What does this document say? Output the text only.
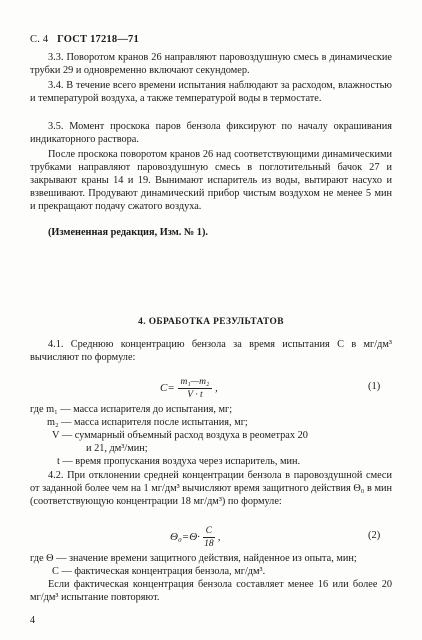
С. 4 ГОСТ 17218—71
3.3. Поворотом кранов 26 направляют паровоздушную смесь в динамические трубки 29 и одновременно включают секундомер.
3.4. В течение всего времени испытания наблюдают за расходом, влажностью и температурой воздуха, а также температурой воды в термостате.
3.5. Момент проскока паров бензола фиксируют по началу окрашивания индикаторного раствора.
После проскока поворотом кранов 26 над соответствующими динамическими трубками направляют паровоздушную смесь в поглотительный бачок 27 и закрывают краны 14 и 19. Вынимают испаритель из воды, вытирают насухо и взвешивают. Продувают динамический прибор чистым воздухом не менее 5 мин и прекращают подачу сжатого воздуха.
(Измененная редакция, Изм. № 1).
4. ОБРАБОТКА РЕЗУЛЬТАТОВ
4.1. Среднюю концентрацию бензола за время испытания C в мг/дм³ вычисляют по формуле:
$C= \frac{\text{m₁—m₂}}{V \cdot t}$ ,	(1)
где m₁ — масса испарителя до испытания, мг;
m₂ — масса испарителя после испытания, мг;
V — суммарный объемный расход воздуха в реометрах 20
и 21, дм³/мин;
t — время пропускания воздуха через испаритель, мин.
4.2. При отклонении средней концентрации бензола в паровоздушной смеси от заданной более чем на 1 мг/дм³ вычисляют время защитного действия Θ₀ в мин (соответствующую концентрации 18 мг/дм³) по формуле:
$\Theta_0=\Theta\cdot \frac{C}{18}$ ,	(2)
где Θ — значение времени защитного действия, найденное из опыта, мин;
C — фактическая концентрация бензола, мг/дм³.
Если фактическая концентрация бензола составляет менее 16 или более 20 мг/дм³ испытание повторяют.
4
